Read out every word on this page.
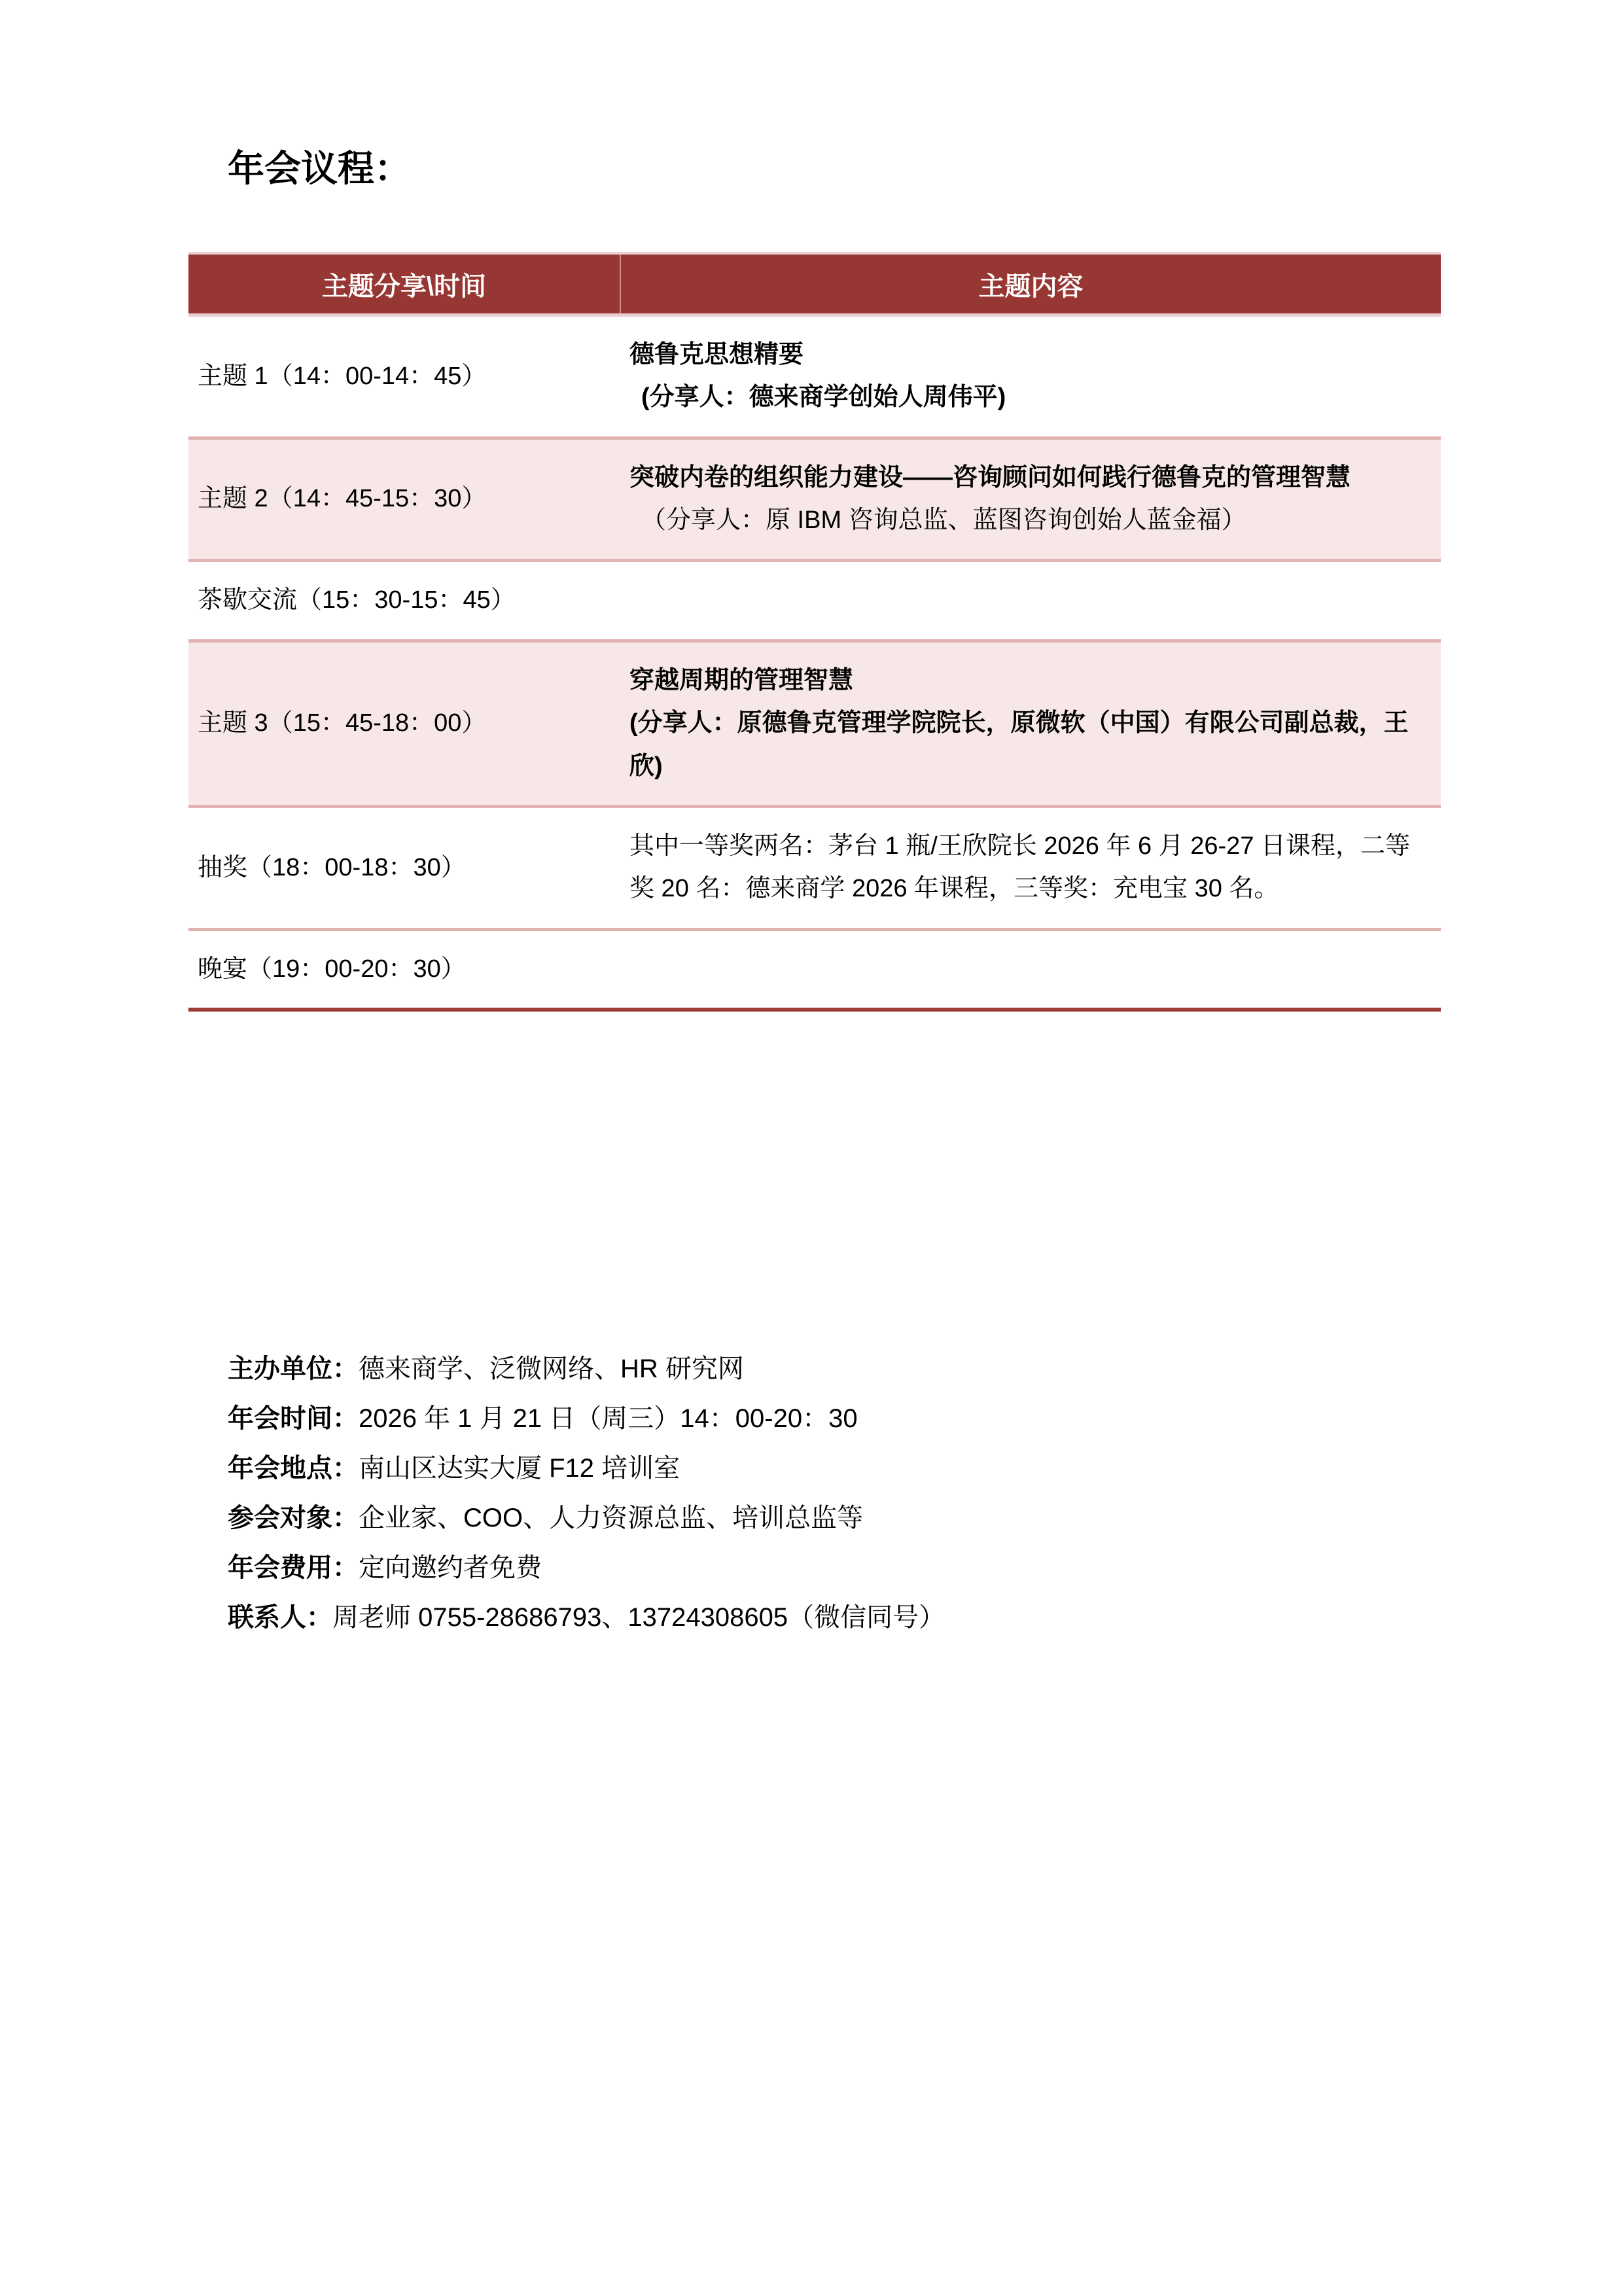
年会议程：
主题分享\时间	主题内容
主题 1（14：00-14：45）	德鲁克思想精要
(分享人：德来商学创始人周伟平)

主题 2（14：45-15：30）	突破内卷的组织能力建设——咨询顾问如何践行德鲁克的管理智慧
（分享人：原 IBM 咨询总监、蓝图咨询创始人蓝金福）

茶歇交流（15：30-15：45）	
主题 3（15：45-18：00）	穿越周期的管理智慧
(分享人：原德鲁克管理学院院长，原微软（中国）有限公司副总裁，王欣)

抽奖（18：00-18：30）	其中一等奖两名：茅台 1 瓶/王欣院长 2026 年 6 月 26-27 日课程，二等奖 20 名：德来商学 2026 年课程，三等奖：充电宝 30 名。

晚宴（19：00-20：30）	
主办单位：德来商学、泛微网络、HR 研究网
年会时间：2026 年 1 月 21 日（周三）14：00-20：30
年会地点：南山区达实大厦 F12 培训室
参会对象：企业家、COO、人力资源总监、培训总监等
年会费用：定向邀约者免费
联系人：周老师 0755-28686793、13724308605（微信同号）
